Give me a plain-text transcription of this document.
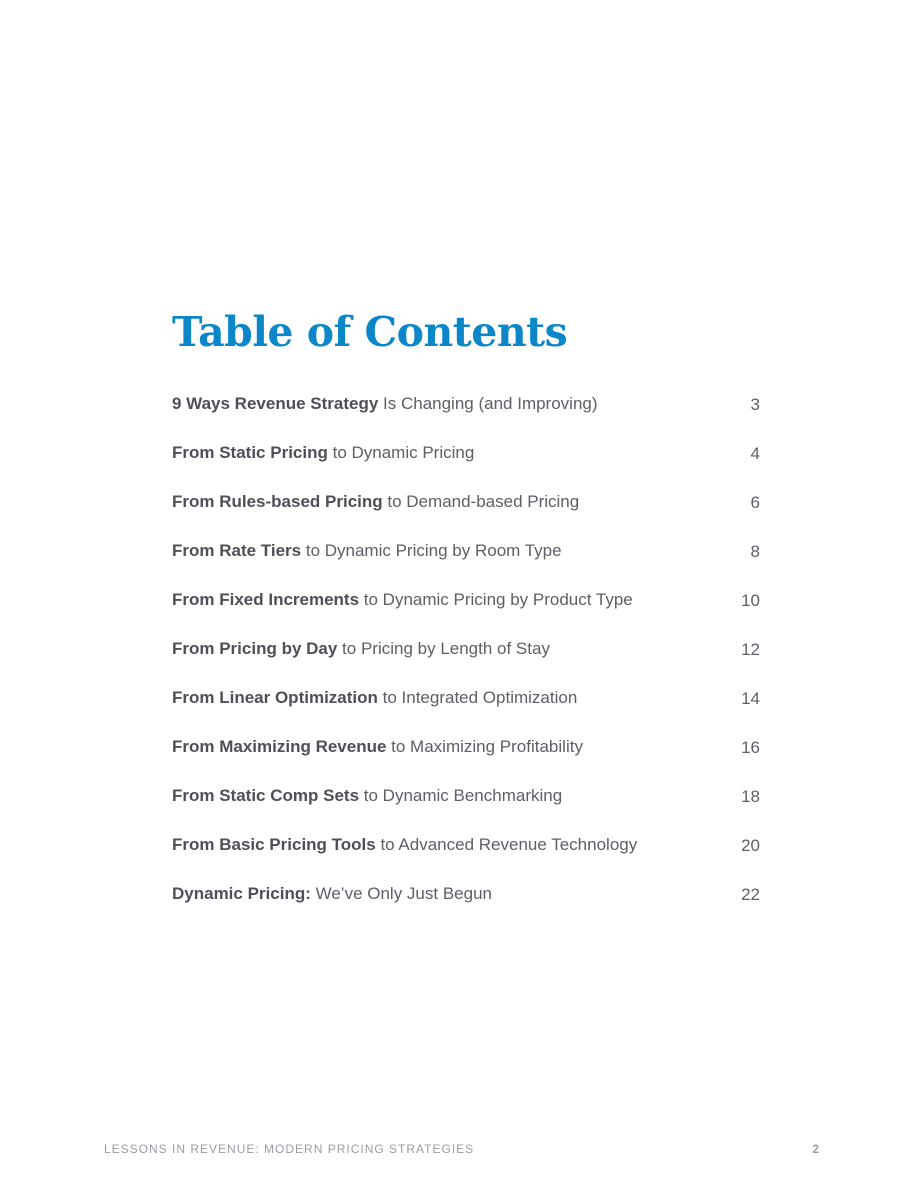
Table of Contents
9 Ways Revenue Strategy Is Changing (and Improving)	3
From Static Pricing to Dynamic Pricing	4
From Rules-based Pricing to Demand-based Pricing	6
From Rate Tiers to Dynamic Pricing by Room Type	8
From Fixed Increments to Dynamic Pricing by Product Type	10
From Pricing by Day to Pricing by Length of Stay	12
From Linear Optimization to Integrated Optimization	14
From Maximizing Revenue to Maximizing Profitability	16
From Static Comp Sets to Dynamic Benchmarking	18
From Basic Pricing Tools to Advanced Revenue Technology	20
Dynamic Pricing: We’ve Only Just Begun	22
LESSONS IN REVENUE: MODERN PRICING STRATEGIES	2
